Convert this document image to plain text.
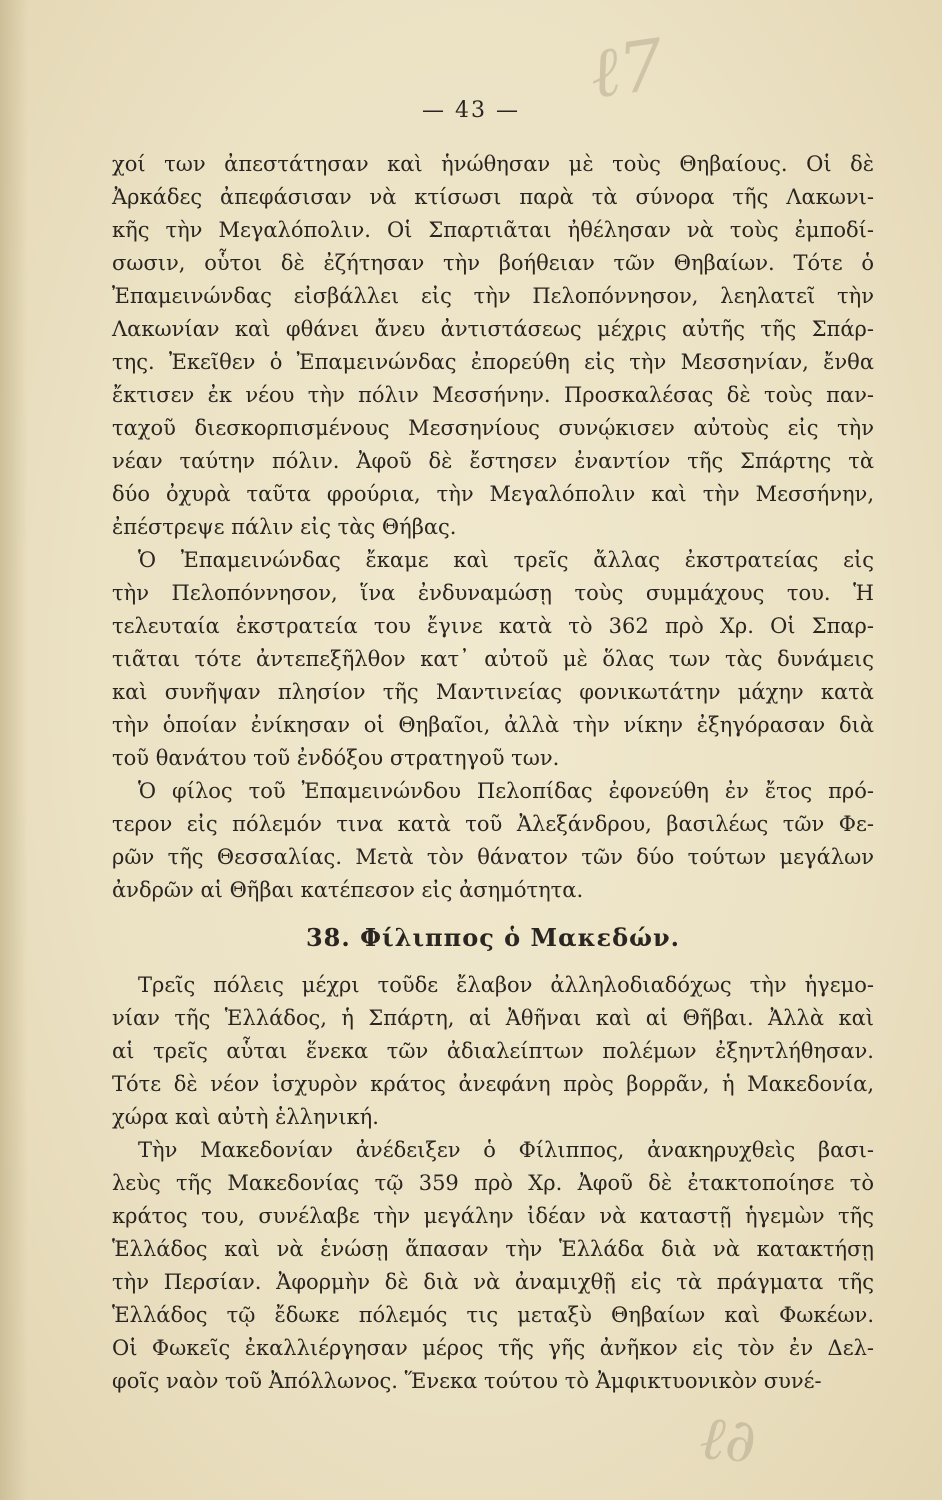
ℓ7
ℓ∂
— 43 —
χοί των ἀπεστάτησαν καὶ ἡνώθησαν μὲ τοὺς Θηβαίους. Οἱ δὲ
Ἀρκάδες ἀπεφάσισαν νὰ κτίσωσι παρὰ τὰ σύνορα τῆς Λακωνι-
κῆς τὴν Μεγαλόπολιν. Οἱ Σπαρτιᾶται ἠθέλησαν νὰ τοὺς ἐμποδί-
σωσιν, οὗτοι δὲ ἐζήτησαν τὴν βοήθειαν τῶν Θηβαίων. Τότε ὁ
Ἐπαμεινώνδας εἰσβάλλει εἰς τὴν Πελοπόννησον, λεηλατεῖ τὴν
Λακωνίαν καὶ φθάνει ἄνευ ἀντιστάσεως μέχρις αὐτῆς τῆς Σπάρ-
της. Ἐκεῖθεν ὁ Ἐπαμεινώνδας ἐπορεύθη εἰς τὴν Μεσσηνίαν, ἔνθα
ἔκτισεν ἐκ νέου τὴν πόλιν Μεσσήνην. Προσκαλέσας δὲ τοὺς παν-
ταχοῦ διεσκορπισμένους Μεσσηνίους συνῴκισεν αὐτοὺς εἰς τὴν
νέαν ταύτην πόλιν. Ἀφοῦ δὲ ἔστησεν ἐναντίον τῆς Σπάρτης τὰ
δύο ὀχυρὰ ταῦτα φρούρια, τὴν Μεγαλόπολιν καὶ τὴν Μεσσήνην,
ἐπέστρεψε πάλιν εἰς τὰς Θήβας.
Ὁ Ἐπαμεινώνδας ἔκαμε καὶ τρεῖς ἄλλας ἐκστρατείας εἰς
τὴν Πελοπόννησον, ἵνα ἐνδυναμώσῃ τοὺς συμμάχους του. Ἡ
τελευταία ἐκστρατεία του ἔγινε κατὰ τὸ 362 πρὸ Χρ. Οἱ Σπαρ-
τιᾶται τότε ἀντεπεξῆλθον κατ᾽ αὐτοῦ μὲ ὅλας των τὰς δυνάμεις
καὶ συνῆψαν πλησίον τῆς Μαντινείας φονικωτάτην μάχην κατὰ
τὴν ὁποίαν ἐνίκησαν οἱ Θηβαῖοι, ἀλλὰ τὴν νίκην ἐξηγόρασαν διὰ
τοῦ θανάτου τοῦ ἐνδόξου στρατηγοῦ των.
Ὁ φίλος τοῦ Ἐπαμεινώνδου Πελοπίδας ἐφονεύθη ἐν ἔτος πρό-
τερον εἰς πόλεμόν τινα κατὰ τοῦ Ἀλεξάνδρου, βασιλέως τῶν Φε-
ρῶν τῆς Θεσσαλίας. Μετὰ τὸν θάνατον τῶν δύο τούτων μεγάλων
ἀνδρῶν αἱ Θῆβαι κατέπεσον εἰς ἀσημότητα.
38. Φίλιππος ὁ Μακεδών.
Τρεῖς πόλεις μέχρι τοῦδε ἔλαβον ἀλληλοδιαδόχως τὴν ἡγεμο-
νίαν τῆς Ἑλλάδος, ἡ Σπάρτη, αἱ Ἀθῆναι καὶ αἱ Θῆβαι. Ἀλλὰ καὶ
αἱ τρεῖς αὗται ἕνεκα τῶν ἀδιαλείπτων πολέμων ἐξηντλήθησαν.
Τότε δὲ νέον ἰσχυρὸν κράτος ἀνεφάνη πρὸς βορρᾶν, ἡ Μακεδονία,
χώρα καὶ αὐτὴ ἑλληνική.
Τὴν Μακεδονίαν ἀνέδειξεν ὁ Φίλιππος, ἀνακηρυχθεὶς βασι-
λεὺς τῆς Μακεδονίας τῷ 359 πρὸ Χρ. Ἀφοῦ δὲ ἐτακτοποίησε τὸ
κράτος του, συνέλαβε τὴν μεγάλην ἰδέαν νὰ καταστῇ ἡγεμὼν τῆς
Ἑλλάδος καὶ νὰ ἑνώσῃ ἅπασαν τὴν Ἑλλάδα διὰ νὰ κατακτήσῃ
τὴν Περσίαν. Ἀφορμὴν δὲ διὰ νὰ ἀναμιχθῇ εἰς τὰ πράγματα τῆς
Ἑλλάδος τῷ ἔδωκε πόλεμός τις μεταξὺ Θηβαίων καὶ Φωκέων.
Οἱ Φωκεῖς ἐκαλλιέργησαν μέρος τῆς γῆς ἀνῆκον εἰς τὸν ἐν Δελ-
φοῖς ναὸν τοῦ Ἀπόλλωνος. Ἕνεκα τούτου τὸ Ἀμφικτυονικὸν συνέ-
